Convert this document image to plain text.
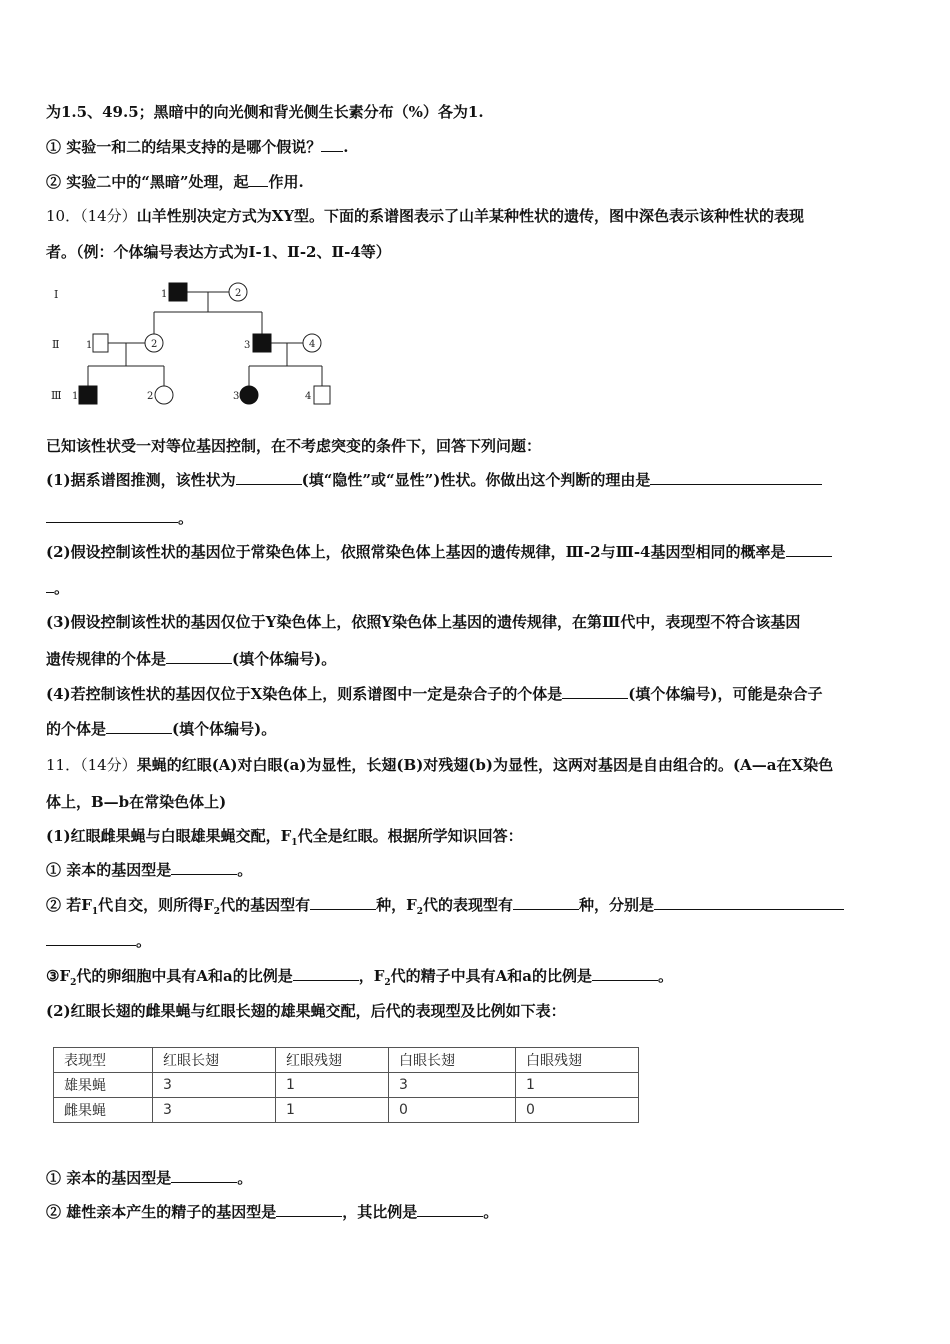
为1.5、49.5；黑暗中的向光侧和背光侧生长素分布（%）各为1.
① 实验一和二的结果支持的是哪个假说？ .
② 实验二中的“黑暗”处理，起 作用.
10．（14分）山羊性别决定方式为XY型。下面的系谱图表示了山羊某种性状的遗传，图中深色表示该种性状的表现
者。（例：个体编号表达方式为Ⅰ-1、Ⅱ-2、Ⅱ-4等）
Ⅰ
Ⅱ
Ⅲ
1	2
1	2	3	4
1	2	3	4
已知该性状受一对等位基因控制，在不考虑突变的条件下，回答下列问题：
(1)据系谱图推测，该性状为	(填“隐性”或“显性”)性状。你做出这个判断的理由是
。
(2)假设控制该性状的基因位于常染色体上，依照常染色体上基因的遗传规律，Ⅲ-2与Ⅲ-4基因型相同的概率是
。
(3)假设控制该性状的基因仅位于Y染色体上，依照Y染色体上基因的遗传规律，在第Ⅲ代中，表现型不符合该基因
遗传规律的个体是	(填个体编号)。
(4)若控制该性状的基因仅位于X染色体上，则系谱图中一定是杂合子的个体是	(填个体编号)，可能是杂合子
的个体是	(填个体编号)。
11．（14分）果蝇的红眼(A)对白眼(a)为显性，长翅(B)对残翅(b)为显性，这两对基因是自由组合的。(A—a在X染色
体上，B—b在常染色体上)
(1)红眼雌果蝇与白眼雄果蝇交配，$F_1$代全是红眼。根据所学知识回答：
① 亲本的基因型是	。
② 若$F_1$代自交，则所得$F_2$代的基因型有	种，$F_2$代的表现型有	种，分别是
。
$③F_2$代的卵细胞中具有A和a的比例是	，$F_2$代的精子中具有A和a的比例是	。
(2)红眼长翅的雌果蝇与红眼长翅的雄果蝇交配，后代的表现型及比例如下表：
表现型	红眼长翅	红眼残翅	白眼长翅	白眼残翅
雄果蝇	3	1	3	1
雌果蝇	3	1	0	0
① 亲本的基因型是	。
② 雄性亲本产生的精子的基因型是	，其比例是	。
